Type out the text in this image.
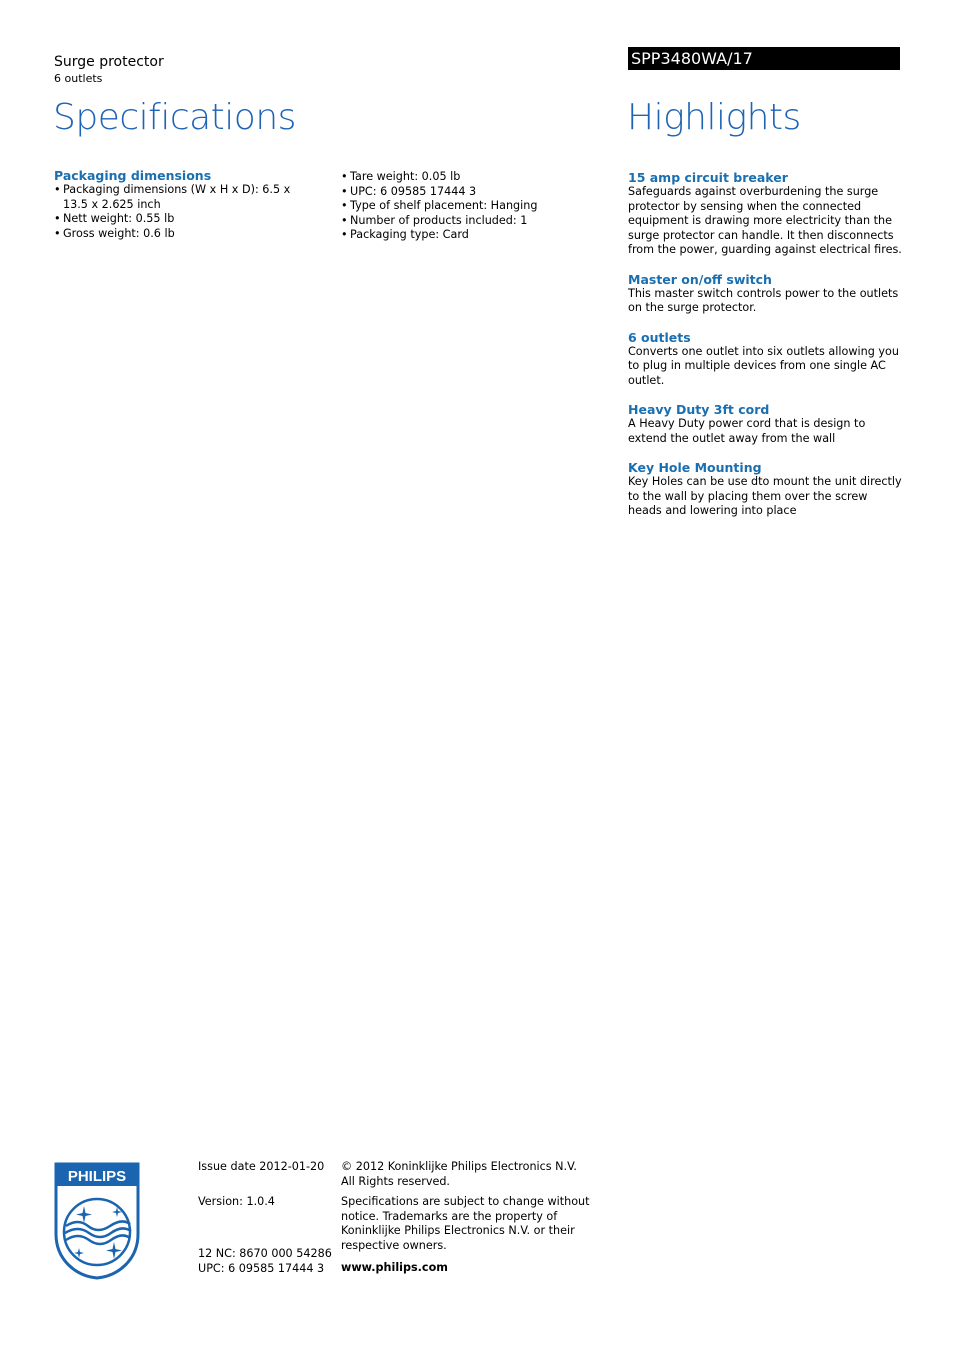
Surge protector
6 outlets
SPP3480WA/17
Specifications	Highlights
Packaging dimensions
• Packaging dimensions (W x H x D): 6.5 x 13.5 x 2.625 inch
• Nett weight: 0.55 lb
• Gross weight: 0.6 lb
• Tare weight: 0.05 lb
• UPC: 6 09585 17444 3
• Type of shelf placement: Hanging
• Number of products included: 1
• Packaging type: Card
15 amp circuit breaker
Safeguards against overburdening the surge protector by sensing when the connected equipment is drawing more electricity than the surge protector can handle. It then disconnects from the power, guarding against electrical fires.
Master on/off switch
This master switch controls power to the outlets on the surge protector.
6 outlets
Converts one outlet into six outlets allowing you to plug in multiple devices from one single AC outlet.
Heavy Duty 3ft cord
A Heavy Duty power cord that is design to extend the outlet away from the wall
Key Hole Mounting
Key Holes can be use dto mount the unit directly to the wall by placing them over the screw heads and lowering into place
PHILIPS
Issue date 2012-01-20
Version: 1.0.4
12 NC: 8670 000 54286
UPC: 6 09585 17444 3
© 2012 Koninklijke Philips Electronics N.V.
All Rights reserved.
Specifications are subject to change without notice. Trademarks are the property of Koninklijke Philips Electronics N.V. or their respective owners.
www.philips.com
